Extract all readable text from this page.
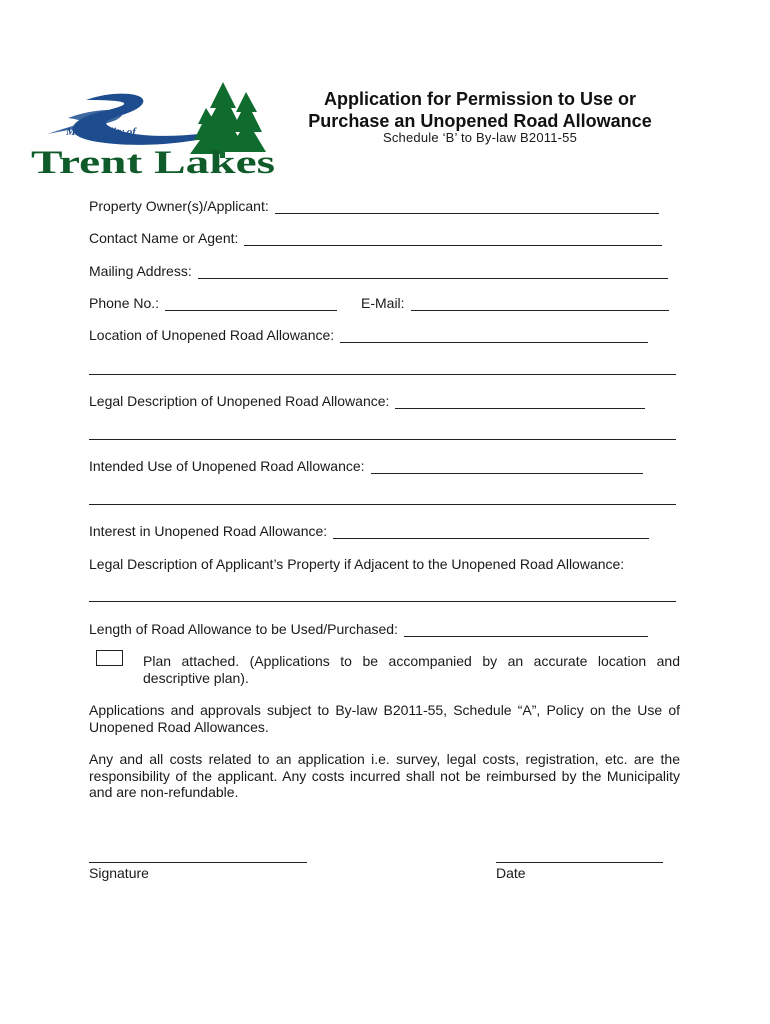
Municipality of
Trent Lakes
Application for Permission to Use or
Purchase an Unopened Road Allowance
Schedule ‘B’ to By-law B2011-55
Property Owner(s)/Applicant:
Contact Name or Agent:
Mailing Address:
Phone No.:	E-Mail:
Location of Unopened Road Allowance:
Legal Description of Unopened Road Allowance:
Intended Use of Unopened Road Allowance:
Interest in Unopened Road Allowance:
Legal Description of Applicant’s Property if Adjacent to the Unopened Road Allowance:
Length of Road Allowance to be Used/Purchased:
Plan attached. (Applications to be accompanied by an accurate location and descriptive plan).
Applications and approvals subject to By-law B2011-55, Schedule “A”, Policy on the Use of Unopened Road Allowances.
Any and all costs related to an application i.e. survey, legal costs, registration, etc. are the responsibility of the applicant. Any costs incurred shall not be reimbursed by the Municipality and are non-refundable.
Signature	Date
